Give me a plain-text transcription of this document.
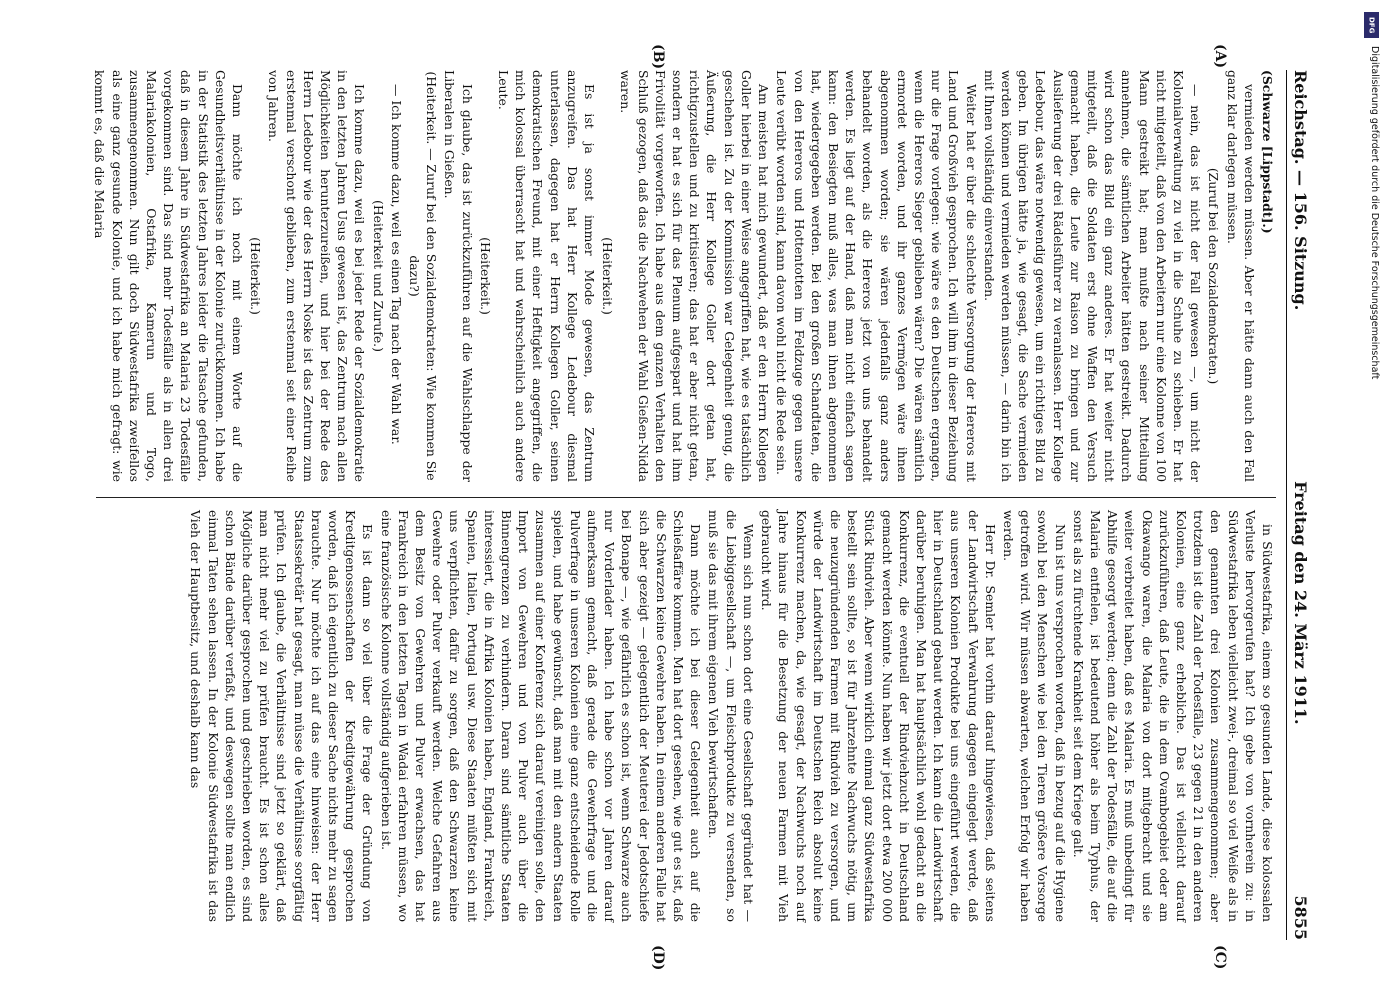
Reichstag. — 156. Sitzung.
Freitag den 24. März 1911.
5855
(A)
(B)
(C)
(D)

(Schwarze [Lippstadt].)

vermieden werden müssen. Aber er hätte dann auch den Fall ganz klar darlegen müssen.

(Zuruf bei den Sozialdemokraten.)

— nein, das ist nicht der Fall gewesen —, um nicht der Kolonialverwaltung zu viel in die Schuhe zu schieben. Er hat nicht mitgeteilt, daß von den Arbeitern nur eine Kolonne von 100 Mann gestreikt hat; man mußte nach seiner Mitteilung annehmen, die sämtlichen Arbeiter hätten gestreikt. Dadurch wird schon das Bild ein ganz anderes. Er hat weiter nicht mitgeteilt, daß die Soldaten erst ohne Waffen den Versuch gemacht haben, die Leute zur Raison zu bringen und zur Auslieferung der drei Rädelsführer zu veranlassen. Herr Kollege Ledebour, das wäre notwendig gewesen, um ein richtiges Bild zu geben. Im übrigen hätte ja, wie gesagt, die Sache vermieden werden können und vermieden werden müssen, — darin bin ich mit Ihnen vollständig einverstanden.

Weiter hat er über die schlechte Versorgung der Hereros mit Land und Großvieh gesprochen. Ich will ihm in dieser Beziehung nur die Frage vorlegen: wie wäre es den Deutschen ergangen, wenn die Hereros Sieger geblieben wären? Die wären sämtlich ermordet worden, und ihr ganzes Vermögen wäre ihnen abgenommen worden; sie wären jedenfalls ganz anders behandelt worden, als die Hereros jetzt von uns behandelt werden. Es liegt auf der Hand, daß man nicht einfach sagen kann: den Besiegten muß alles, was man ihnen abgenommen hat, wiedergegeben werden. Bei den großen Schandtaten, die von den Hereros und Hottentotten im Feldzuge gegen unsere Leute verübt worden sind, kann davon wohl nicht die Rede sein.

Am meisten hat mich gewundert, daß er den Herrn Kollegen Goller hierbei in einer Weise angegriffen hat, wie es tatsächlich geschehen ist. Zu der Kommission war Gelegenheit genug, die Äußerung, die Herr Kollege Goller dort getan hat, richtigzustellen und zu kritisieren; das hat er aber nicht getan, sondern er hat es sich für das Plenum aufgespart und hat ihm Frivolität vorgeworfen. Ich habe aus dem ganzen Verhalten den Schluß gezogen, daß das die Nachwehen der Wahl Gießen-Nidda waren.

(Heiterkeit.)

Es ist ja sonst immer Mode gewesen, das Zentrum anzugreifen. Das hat Herr Kollege Ledebour diesmal unterlassen, dagegen hat er Herrn Kollegen Goller, seinen demokratischen Freund, mit einer Heftigkeit angegriffen, die mich kolossal überrascht hat und wahrscheinlich auch andere Leute.

(Heiterkeit.)

Ich glaube, das ist zurückzuführen auf die Wahlschlappe der Liberalen in Gießen.

(Heiterkeit. — Zuruf bei den Sozialdemokraten: Wie kommen Sie dazu?)

— Ich komme dazu, weil es einen Tag nach der Wahl war.

(Heiterkeit und Zurufe.)

Ich komme dazu, weil es bei jeder Rede der Sozialdemokratie in den letzten Jahren Usus gewesen ist, das Zentrum nach allen Möglichkeiten herunterzureißen, und hier bei der Rede des Herrn Ledebour wie der des Herrn Noske ist das Zentrum zum erstenmal verschont geblieben, zum erstenmal seit einer Reihe von Jahren.

(Heiterkeit.)

Dann möchte ich noch mit einem Worte auf die Gesundheitsverhältnisse in der Kolonie zurückkommen. Ich habe in der Statistik des letzten Jahres leider die Tatsache gefunden, daß in diesem Jahre in Südwestafrika an Malaria 23 Todesfälle vorgekommen sind. Das sind mehr Todesfälle als in allen drei Malariakolonien, Ostafrika, Kamerun und Togo, zusammengenommen. Nun gilt doch Südwestafrika zweifellos als eine ganz gesunde Kolonie, und ich habe mich gefragt: wie kommt es, daß die Malaria

in Südwestafrika, einem so gesunden Lande, diese kolossalen Verluste hervorgerufen hat? Ich gebe von vornherein zu: in Südwestafrika leben vielleicht zwei-, dreimal so viel Weiße als in den genannten drei Kolonien zusammengenommen; aber trotzdem ist die Zahl der Todesfälle, 23 gegen 21 in den anderen Kolonien, eine ganz erhebliche. Das ist vielleicht darauf zurückzuführen, daß Leute, die in dem Ovambogebiet oder am Okawango waren, die Malaria von dort mitgebracht und sie weiter verbreitet haben, daß es Malaria. Es muß unbedingt für Abhilfe gesorgt werden; denn die Zahl der Todesfälle, die auf die Malaria entfielen, ist bedeutend höher als beim Typhus, der sonst als zu fürchtende Krankheit seit dem Kriege galt.

Nun ist uns versprochen worden, daß in bezug auf die Hygiene sowohl bei den Menschen wie bei den Tieren größere Vorsorge getroffen wird. Wir müssen abwarten, welchen Erfolg wir haben werden.

Herr Dr. Semler hat vorhin darauf hingewiesen, daß seitens der Landwirtschaft Verwahrung dagegen eingelegt werde, daß aus unseren Kolonien Produkte bei uns eingeführt werden, die hier in Deutschland gebaut werden. Ich kann die Landwirtschaft darüber beruhigen. Man hat hauptsächlich wohl gedacht an die Konkurrenz, die eventuell der Rindviehzucht in Deutschland gemacht werden könnte. Nun haben wir jetzt dort etwa 200 000 Stück Rindvieh. Aber wenn wirklich einmal ganz Südwestafrika bestellt sein sollte, so ist für Jahrzehnte Nachwuchs nötig, um die neuzugründenden Farmen mit Rindvieh zu versorgen, und würde der Landwirtschaft im Deutschen Reich absolut keine Konkurrenz machen, da, wie gesagt, der Nachwuchs noch auf Jahre hinaus für die Besetzung der neuen Farmen mit Vieh gebraucht wird.

Wenn sich nun schon dort eine Gesellschaft gegründet hat — die Liebiggesellschaft —, um Fleischprodukte zu versenden, so muß sie das mit ihrem eigenen Vieh bewirtschaften.

Dann möchte ich bei dieser Gelegenheit auch auf die Schießaffäre kommen. Man hat dort gesehen, wie gut es ist, daß die Schwarzen keine Gewehre haben. In einem anderen Falle hat sich aber gezeigt — gelegentlich der Meuterei der Jedotschiefe bei Bonape —, wie gefährlich es schon ist, wenn Schwarze auch nur Vorderlader haben. Ich habe schon vor Jahren darauf aufmerksam gemacht, daß gerade die Gewehrfrage und die Pulverfrage in unseren Kolonien eine ganz entscheidende Rolle spielen, und habe gewünscht, daß man mit den andern Staaten zusammen auf einer Konferenz sich darauf vereinigen solle, den Import von Gewehren und von Pulver auch über die Binnengrenzen zu verhindern. Daran sind sämtliche Staaten interessiert, die in Afrika Kolonien haben, England, Frankreich, Spanien, Italien, Portugal usw. Diese Staaten müßten sich mit uns verpflichten, dafür zu sorgen, daß den Schwarzen keine Gewehre oder Pulver verkauft werden. Welche Gefahren aus dem Besitz von Gewehren und Pulver erwachsen, das hat Frankreich in den letzten Tagen in Wadai erfahren müssen, wo eine französische Kolonne vollständig aufgerieben ist.

Es ist dann so viel über die Frage der Gründung von Kreditgenossenschaften der Kreditgewährung gesprochen worden, daß ich eigentlich zu dieser Sache nichts mehr zu sagen brauchte. Nur möchte ich auf das eine hinweisen: der Herr Staatssekretär hat gesagt, man müsse die Verhältnisse sorgfältig prüfen. Ich glaube, die Verhältnisse sind jetzt so geklärt, daß man nicht mehr viel zu prüfen braucht. Es ist schon alles Mögliche darüber gesprochen und geschrieben worden, es sind schon Bände darüber verfaßt, und deswegen sollte man endlich einmal Taten sehen lassen. In der Kolonie Südwestafrika ist das Vieh der Hauptbesitz, und deshalb kann das

DFG
Digitalisierung gefördert durch die Deutsche Forschungsgemeinschaft
